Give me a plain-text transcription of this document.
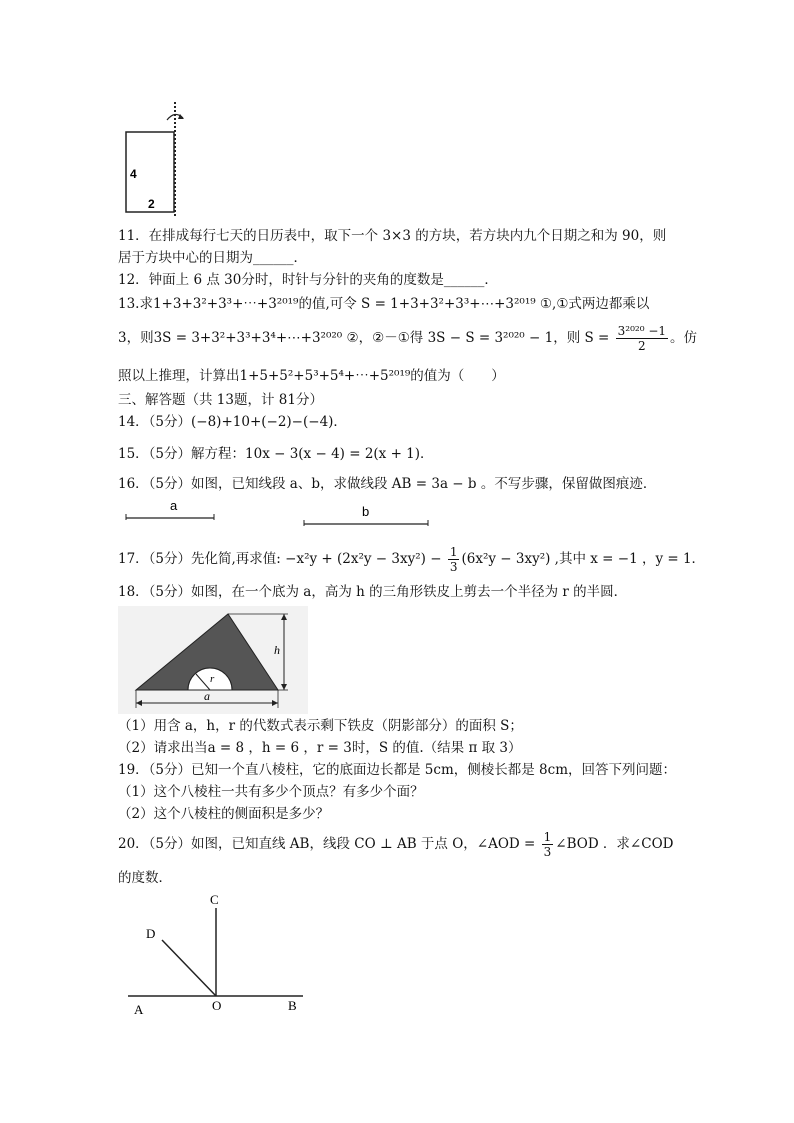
4
2
11．在排成每行七天的日历表中，取下一个 3×3 的方块，若方块内九个日期之和为 90，则
居于方块中心的日期为______．
12．钟面上 6 点 30分时，时针与分针的夹角的度数是______．
13.求1+3+3²+3³+⋯+3²⁰¹⁹的值,可令 S = 1+3+3²+3³+⋯+3²⁰¹⁹ ①,①式两边都乘以
3，则3S = 3+3²+3³+3⁴+⋯+3²⁰²⁰ ②，②－①得 3S − S = 3²⁰²⁰ − 1，则 $S = \frac{\text{3²⁰²⁰ −1}}{2}$ 。仿
照以上推理，计算出1+5+5²+5³+5⁴+⋯+5²⁰¹⁹的值为（　　）
三、解答题（共 13题，计 81分）
14．（5分）(−8)+10+(−2)−(−4)．
15．（5分）解方程：10x − 3(x − 4) = 2(x + 1)．
16．（5分）如图，已知线段 a、b，求做线段 AB = 3a − b 。不写步骤，保留做图痕迹．
a	b
17．（5分）先化简,再求值: $-x^2y + (2x^2y - 3xy^2) - \frac{1}{3} (6x^2y - 3xy^2)$ ,其中 x = −1 ，y = 1．
18．（5分）如图，在一个底为 a，高为 h 的三角形铁皮上剪去一个半径为 r 的半圆．
r
h
a
（1）用含 a，h，r 的代数式表示剩下铁皮（阴影部分）的面积 S；
（2）请求出当a = 8 ，h = 6 ，r = 3时，S 的值.（结果 π 取 3）
19．（5分）已知一个直八棱柱，它的底面边长都是 5cm，侧棱长都是 8cm，回答下列问题：
（1）这个八棱柱一共有多少个顶点？有多少个面？
（2）这个八棱柱的侧面积是多少？
20．（5分）如图，已知直线 AB，线段 CO ⊥ AB 于点 O，∠AOD = $\frac{1}{3}$ ∠BOD ．求∠COD
的度数．
C
D
A	O	B
